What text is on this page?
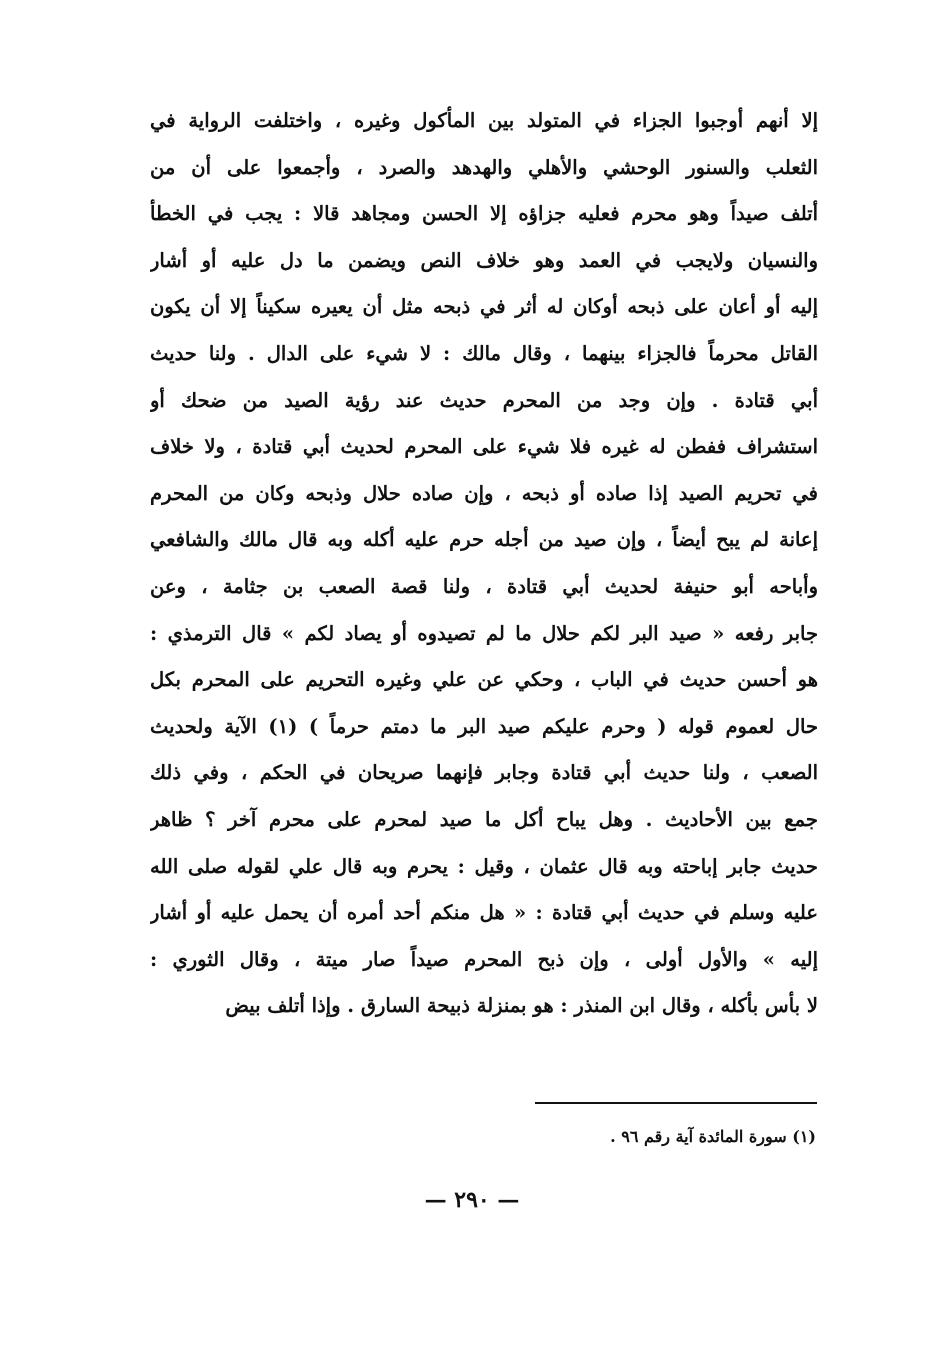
إلا أنهم أوجبوا الجزاء في المتولد بين المأكول وغيره ، واختلفت الرواية في
الثعلب والسنور الوحشي والأهلي والهدهد والصرد ، وأجمعوا على أن من
أتلف صيداً وهو محرم فعليه جزاؤه إلا الحسن ومجاهد قالا : يجب في الخطأ
والنسيان ولايجب في العمد وهو خلاف النص ويضمن ما دل عليه أو أشار
إليه أو أعان على ذبحه أوكان له أثر في ذبحه مثل أن يعيره سكيناً إلا أن يكون
القاتل محرماً فالجزاء بينهما ، وقال مالك : لا شيء على الدال . ولنا حديث
أبي قتادة . وإن وجد من المحرم حديث عند رؤية الصيد من ضحك أو
استشراف ففطن له غيره فلا شيء على المحرم لحديث أبي قتادة ، ولا خلاف
في تحريم الصيد إذا صاده أو ذبحه ، وإن صاده حلال وذبحه وكان من المحرم
إعانة لم يبح أيضاً ، وإن صيد من أجله حرم عليه أكله وبه قال مالك والشافعي
وأباحه أبو حنيفة لحديث أبي قتادة ، ولنا قصة الصعب بن جثامة ، وعن
جابر رفعه « صيد البر لكم حلال ما لم تصيدوه أو يصاد لكم » قال الترمذي :
هو أحسن حديث في الباب ، وحكي عن علي وغيره التحريم على المحرم بكل
حال لعموم قوله ( وحرم عليكم صيد البر ما دمتم حرماً ) (١) الآية ولحديث
الصعب ، ولنا حديث أبي قتادة وجابر فإنهما صريحان في الحكم ، وفي ذلك
جمع بين الأحاديث . وهل يباح أكل ما صيد لمحرم على محرم آخر ؟ ظاهر
حديث جابر إباحته وبه قال عثمان ، وقيل : يحرم وبه قال علي لقوله صلى الله
عليه وسلم في حديث أبي قتادة : « هل منكم أحد أمره أن يحمل عليه أو أشار
إليه » والأول أولى ، وإن ذبح المحرم صيداً صار ميتة ، وقال الثوري :
لا بأس بأكله ، وقال ابن المنذر : هو بمنزلة ذبيحة السارق . وإذا أتلف بيض
(١) سورة المائدة آية رقم ٩٦ .
— ٢٩٠ —
